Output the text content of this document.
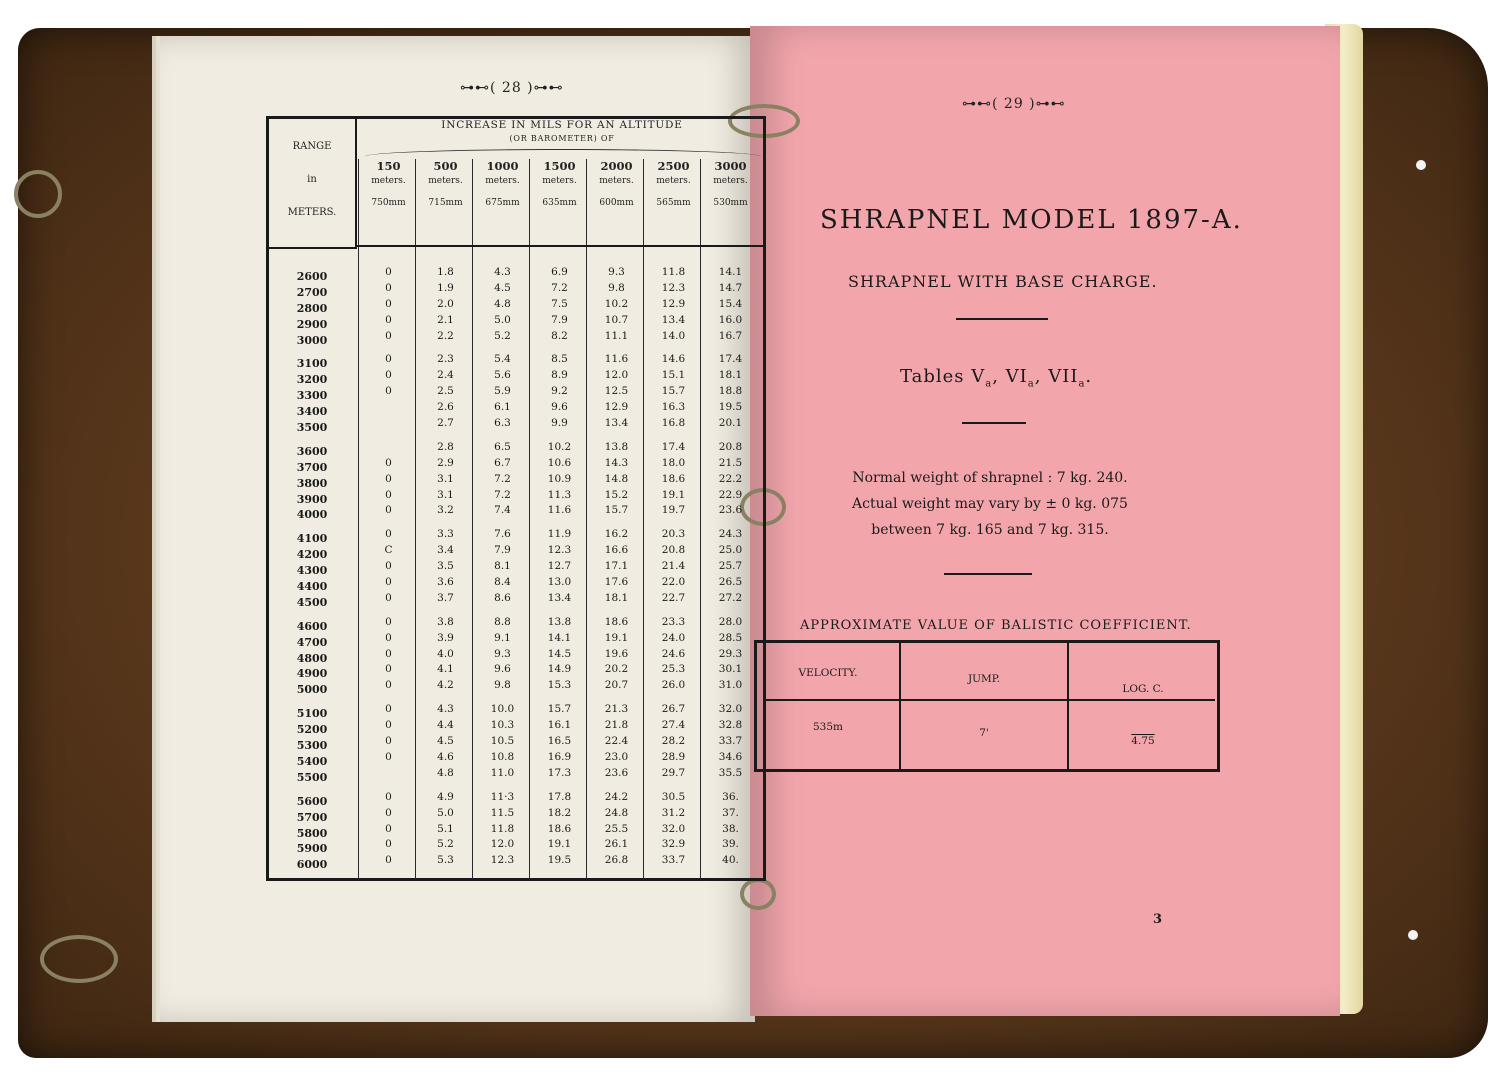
⊶⊷( 28 )⊶⊷
RANGE
in
METERS.
INCREASE IN MILS FOR AN ALTITUDE
(OR BAROMETER) OF
150
meters.
750mm
500
meters.
715mm
1000
meters.
675mm
1500
meters.
635mm
2000
meters.
600mm
2500
meters.
565mm
3000
meters.
530mm
2600
2700
2800
2900
3000
3100
3200
3300
3400
3500
3600
3700
3800
3900
4000
4100
4200
4300
4400
4500
4600
4700
4800
4900
5000
5100
5200
5300
5400
5500
5600
5700
5800
5900
6000
0
0
0
0
0
0
0
0
0
0
0
0
0
C
0
0
0
0
0
0
0
0
0
0
0
0
0
0
0
0
0
1.8
1.9
2.0
2.1
2.2
2.3
2.4
2.5
2.6
2.7
2.8
2.9
3.1
3.1
3.2
3.3
3.4
3.5
3.6
3.7
3.8
3.9
4.0
4.1
4.2
4.3
4.4
4.5
4.6
4.8
4.9
5.0
5.1
5.2
5.3
4.3
4.5
4.8
5.0
5.2
5.4
5.6
5.9
6.1
6.3
6.5
6.7
7.2
7.2
7.4
7.6
7.9
8.1
8.4
8.6
8.8
9.1
9.3
9.6
9.8
10.0
10.3
10.5
10.8
11.0
11·3
11.5
11.8
12.0
12.3
6.9
7.2
7.5
7.9
8.2
8.5
8.9
9.2
9.6
9.9
10.2
10.6
10.9
11.3
11.6
11.9
12.3
12.7
13.0
13.4
13.8
14.1
14.5
14.9
15.3
15.7
16.1
16.5
16.9
17.3
17.8
18.2
18.6
19.1
19.5
9.3
9.8
10.2
10.7
11.1
11.6
12.0
12.5
12.9
13.4
13.8
14.3
14.8
15.2
15.7
16.2
16.6
17.1
17.6
18.1
18.6
19.1
19.6
20.2
20.7
21.3
21.8
22.4
23.0
23.6
24.2
24.8
25.5
26.1
26.8
11.8
12.3
12.9
13.4
14.0
14.6
15.1
15.7
16.3
16.8
17.4
18.0
18.6
19.1
19.7
20.3
20.8
21.4
22.0
22.7
23.3
24.0
24.6
25.3
26.0
26.7
27.4
28.2
28.9
29.7
30.5
31.2
32.0
32.9
33.7
14.1
14.7
15.4
16.0
16.7
17.4
18.1
18.8
19.5
20.1
20.8
21.5
22.2
22.9
23.6
24.3
25.0
25.7
26.5
27.2
28.0
28.5
29.3
30.1
31.0
32.0
32.8
33.7
34.6
35.5
36.
37.
38.
39.
40.
⊶⊷( 29 )⊶⊷
SHRAPNEL MODEL 1897-A.
SHRAPNEL WITH BASE CHARGE.
Tables $V_a$, $VI_a$, $VII_a$.
Normal weight of shrapnel : 7 kg. 240.
Actual weight may vary by ± 0 kg. 075
between 7 kg. 165 and 7 kg. 315.
APPROXIMATE VALUE OF BALISTIC COEFFICIENT.
VELOCITY.	JUMP.
LOG. C.
535m	7'
4.75
3
